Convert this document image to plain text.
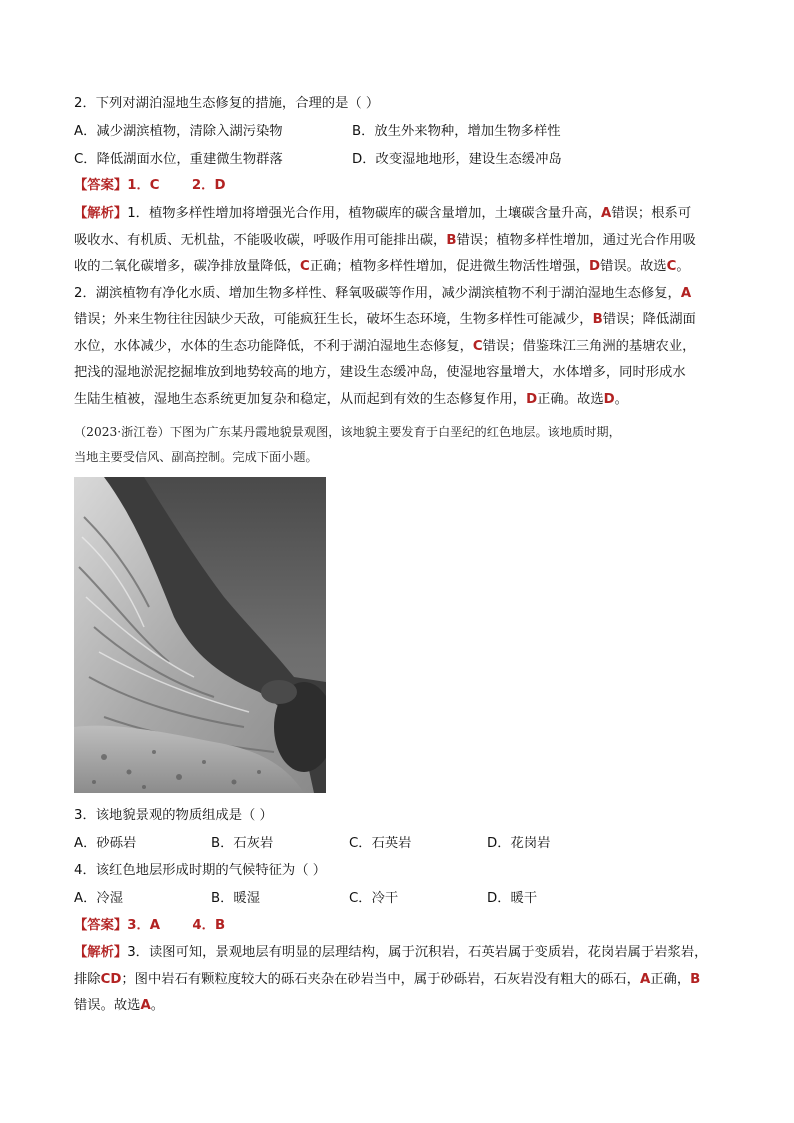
2．下列对湖泊湿地生态修复的措施，合理的是（ ）
A．减少湖滨植物，清除入湖污染物	B．放生外来物种，增加生物多样性
C．降低湖面水位，重建微生物群落	D．改变湿地地形，建设生态缓冲岛
【答案】1．C       2．D
【解析】1．植物多样性增加将增强光合作用，植物碳库的碳含量增加，土壤碳含量升高，A错误；根系可
吸收水、有机质、无机盐，不能吸收碳，呼吸作用可能排出碳，B错误；植物多样性增加，通过光合作用吸
收的二氧化碳增多，碳净排放量降低，C正确；植物多样性增加，促进微生物活性增强，D错误。故选C。
2．湖滨植物有净化水质、增加生物多样性、释氧吸碳等作用，减少湖滨植物不利于湖泊湿地生态修复，A
错误；外来生物往往因缺少天敌，可能疯狂生长，破坏生态环境，生物多样性可能减少，B错误；降低湖面
水位，水体减少，水体的生态功能降低，不利于湖泊湿地生态修复，C错误；借鉴珠江三角洲的基塘农业，
把浅的湿地淤泥挖掘堆放到地势较高的地方，建设生态缓冲岛，使湿地容量增大，水体增多，同时形成水
生陆生植被，湿地生态系统更加复杂和稳定，从而起到有效的生态修复作用，D正确。故选D。
（2023·浙江卷）下图为广东某丹霞地貌景观图，该地貌主要发育于白垩纪的红色地层。该地质时期，
当地主要受信风、副高控制。完成下面小题。
3．该地貌景观的物质组成是（ ）
A．砂砾岩	B．石灰岩	C．石英岩	D．花岗岩
4．该红色地层形成时期的气候特征为（ ）
A．冷湿	B．暖湿	C．冷干	D．暖干
【答案】3．A       4．B
【解析】3．读图可知，景观地层有明显的层理结构，属于沉积岩，石英岩属于变质岩，花岗岩属于岩浆岩，
排除CD；图中岩石有颗粒度较大的砾石夹杂在砂岩当中，属于砂砾岩，石灰岩没有粗大的砾石，A正确，B
错误。故选A。
